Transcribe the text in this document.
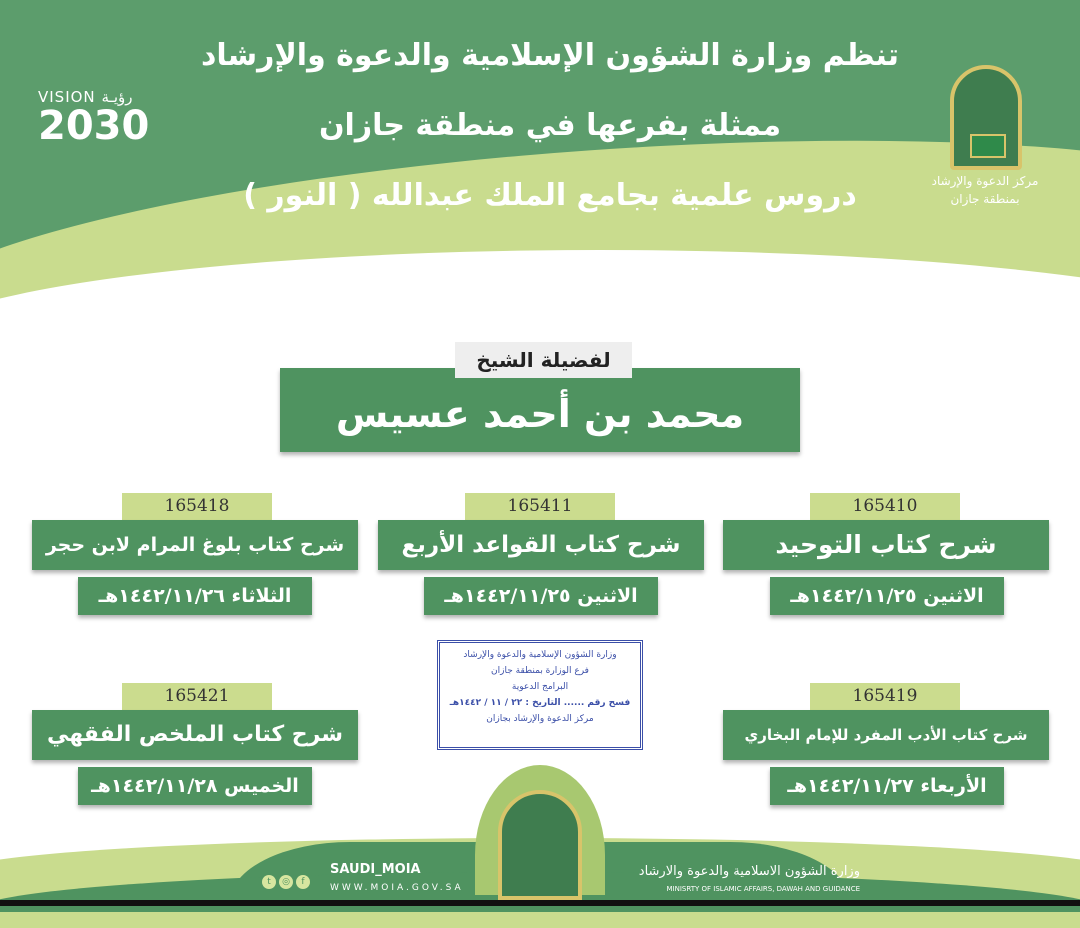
تنظم وزارة الشؤون الإسلامية والدعوة والإرشاد
ممثلة بفرعها في منطقة جازان
دروس علمية بجامع الملك عبدالله ( النور )
VISION رؤيـة
2030
مركز الدعوة والإرشاد
بمنطقة جازان
لفضيلة الشيخ
محمد بن أحمد عسيس
165410
شرح كتاب التوحيد
الاثنين ١٤٤٢/١١/٢٥هـ
165411
شرح كتاب القواعد الأربع
الاثنين ١٤٤٢/١١/٢٥هـ
165418
شرح كتاب بلوغ المرام لابن حجر
الثلاثاء ١٤٤٢/١١/٢٦هـ
165419
شرح كتاب الأدب المفرد للإمام البخاري
الأربعاء ١٤٤٢/١١/٢٧هـ
165421
شرح كتاب الملخص الفقهي
الخميس ١٤٤٢/١١/٢٨هـ
وزارة الشؤون الإسلامية والدعوة والإرشاد
فرع الوزارة بمنطقة جازان
البرامج الدعوية
فسح رقم ...... التاريخ : ٢٢ / ١١ / ١٤٤٢هـ
مركز الدعوة والإرشاد بجازان
t ◎ f
SAUDI_MOIA
WWW.MOIA.GOV.SA
وزارة الشؤون الاسلامية والدعوة والارشاد
MINISRTY OF ISLAMIC AFFAIRS, DAWAH AND GUIDANCE
